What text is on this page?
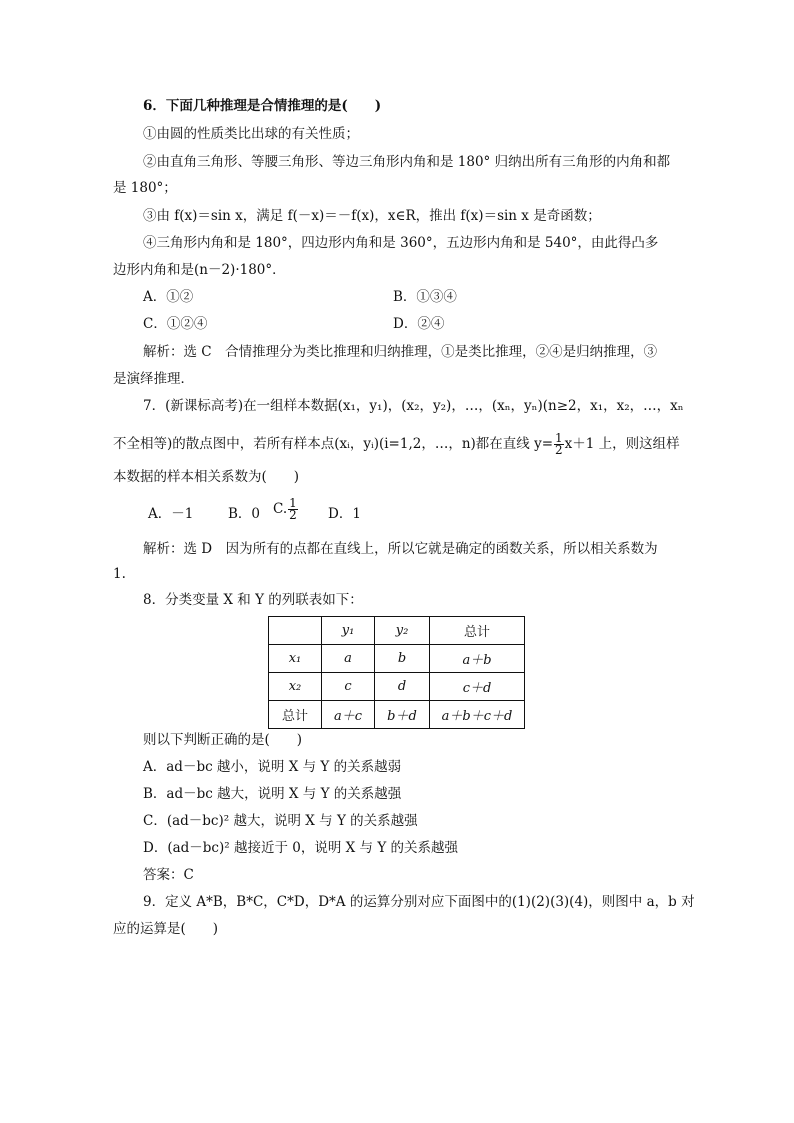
6．下面几种推理是合情推理的是(　　)
①由圆的性质类比出球的有关性质；
②由直角三角形、等腰三角形、等边三角形内角和是 180° 归纳出所有三角形的内角和都
是 180°；
③由 f(x)＝sin x，满足 f(－x)＝－f(x)，x∈R，推出 f(x)＝sin x 是奇函数；
④三角形内角和是 180°，四边形内角和是 360°，五边形内角和是 540°，由此得凸多
边形内角和是(n－2)·180°．
A．①②	B．①③④
C．①②④	D．②④
解析：选 C　合情推理分为类比推理和归纳推理，①是类比推理，②④是归纳推理，③
是演绎推理．
7．(新课标高考)在一组样本数据(x₁，y₁)，(x₂，y₂)，…，(xₙ，yₙ)(n≥2，x₁，x₂，…，xₙ
不全相等)的散点图中，若所有样本点(xᵢ，yᵢ)(i=1,2，…，n)都在直线 $y= \frac{1}{2} x+1$ 上，则这组样
本数据的样本相关系数为(　　)
A．－1	B．0 C. $\frac{1}{2}$ D．1
解析：选 D　因为所有的点都在直线上，所以它就是确定的函数关系，所以相关系数为
1.
8．分类变量 X 和 Y 的列联表如下：
	y₁	y₂	总计
x₁	a	b	a＋b
x₂	c	d	c＋d
总计	a＋c	b＋d	a＋b＋c＋d
则以下判断正确的是(　　)
A．ad－bc 越小，说明 X 与 Y 的关系越弱
B．ad－bc 越大，说明 X 与 Y 的关系越强
C．(ad－bc)² 越大，说明 X 与 Y 的关系越强
D．(ad－bc)² 越接近于 0，说明 X 与 Y 的关系越强
答案：C
9．定义 A*B，B*C，C*D，D*A 的运算分别对应下面图中的(1)(2)(3)(4)，则图中 a，b 对
应的运算是(　　)
